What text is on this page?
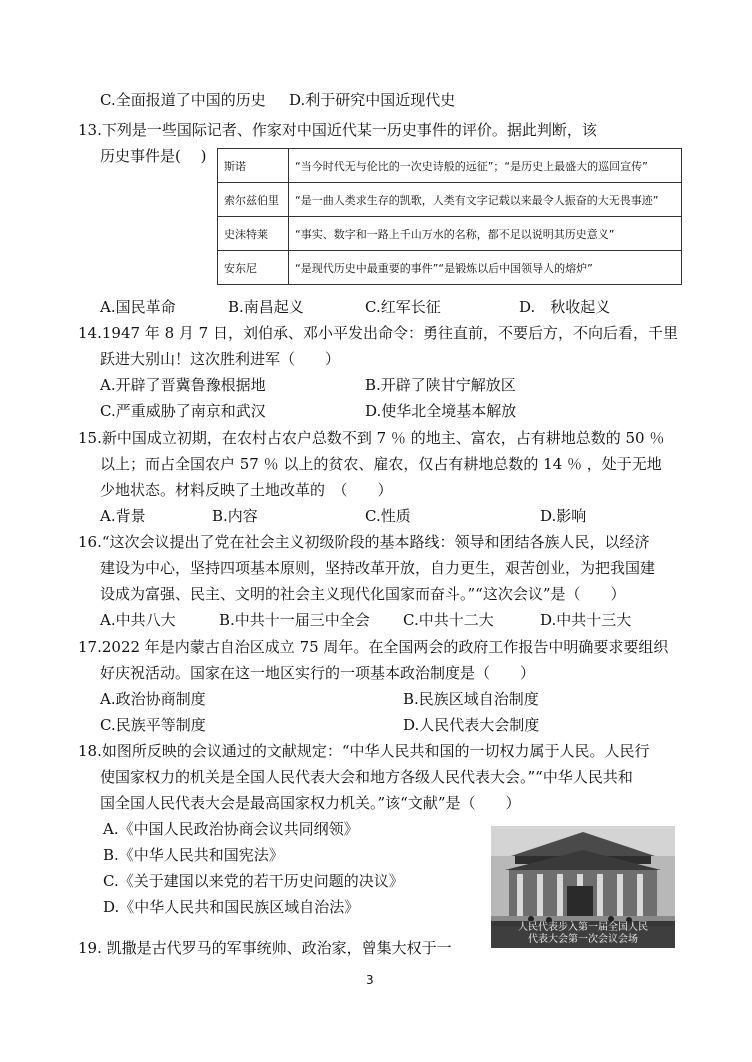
C.全面报道了中国的历史 D.利于研究中国近现代史
13.下列是一些国际记者、作家对中国近代某一历史事件的评价。据此判断，该
历史事件是(　 )
斯诺	“当今时代无与伦比的一次史诗般的远征”；“是历史上最盛大的巡回宣传”
索尔兹伯里	“是一曲人类求生存的凯歌，人类有文字记载以来最令人振奋的大无畏事迹”
史沫特莱	“事实、数字和一路上千山万水的名称，都不足以说明其历史意义”
安东尼	“是现代历史中最重要的事件”“是锻炼以后中国领导人的熔炉”
A.国民革命	B.南昌起义	C.红军长征	D.　秋收起义
14.1947 年 8 月 7 日，刘伯承、邓小平发出命令：勇往直前，不要后方，不向后看，千里
跃进大别山！这次胜利进军（　　）
A.开辟了晋冀鲁豫根据地	B.开辟了陕甘宁解放区
C.严重威胁了南京和武汉	D.使华北全境基本解放
15.新中国成立初期，在农村占农户总数不到 7 ％ 的地主、富农，占有耕地总数的 50 ％
以上；而占全国农户 57 ％ 以上的贫农、雇农，仅占有耕地总数的 14 ％ ，处于无地
少地状态。材料反映了土地改革的　（　　）
A.背景	B.内容	C.性质	D.影响
16.“这次会议提出了党在社会主义初级阶段的基本路线：领导和团结各族人民，以经济
建设为中心，坚持四项基本原则，坚持改革开放，自力更生，艰苦创业，为把我国建
设成为富强、民主、文明的社会主义现代化国家而奋斗。”“这次会议”是（　　）
A.中共八大	B.中共十一届三中全会 C.中共十二大	D.中共十三大
17.2022 年是内蒙古自治区成立 75 周年。在全国两会的政府工作报告中明确要求要组织
好庆祝活动。国家在这一地区实行的一项基本政治制度是（　　）
A.政治协商制度	B.民族区域自治制度
C.民族平等制度	D.人民代表大会制度
18.如图所反映的会议通过的文献规定：“中华人民共和国的一切权力属于人民。人民行
使国家权力的机关是全国人民代表大会和地方各级人民代表大会。”“中华人民共和
国全国人民代表大会是最高国家权力机关。”该“文献”是（　　）
A.《中国人民政治协商会议共同纲领》
B.《中华人民共和国宪法》
C.《关于建国以来党的若干历史问题的决议》
D.《中华人民共和国民族区域自治法》
人民代表步入第一届全国人民
代表大会第一次会议会场
19. 凯撒是古代罗马的军事统帅、政治家，曾集大权于一
3
